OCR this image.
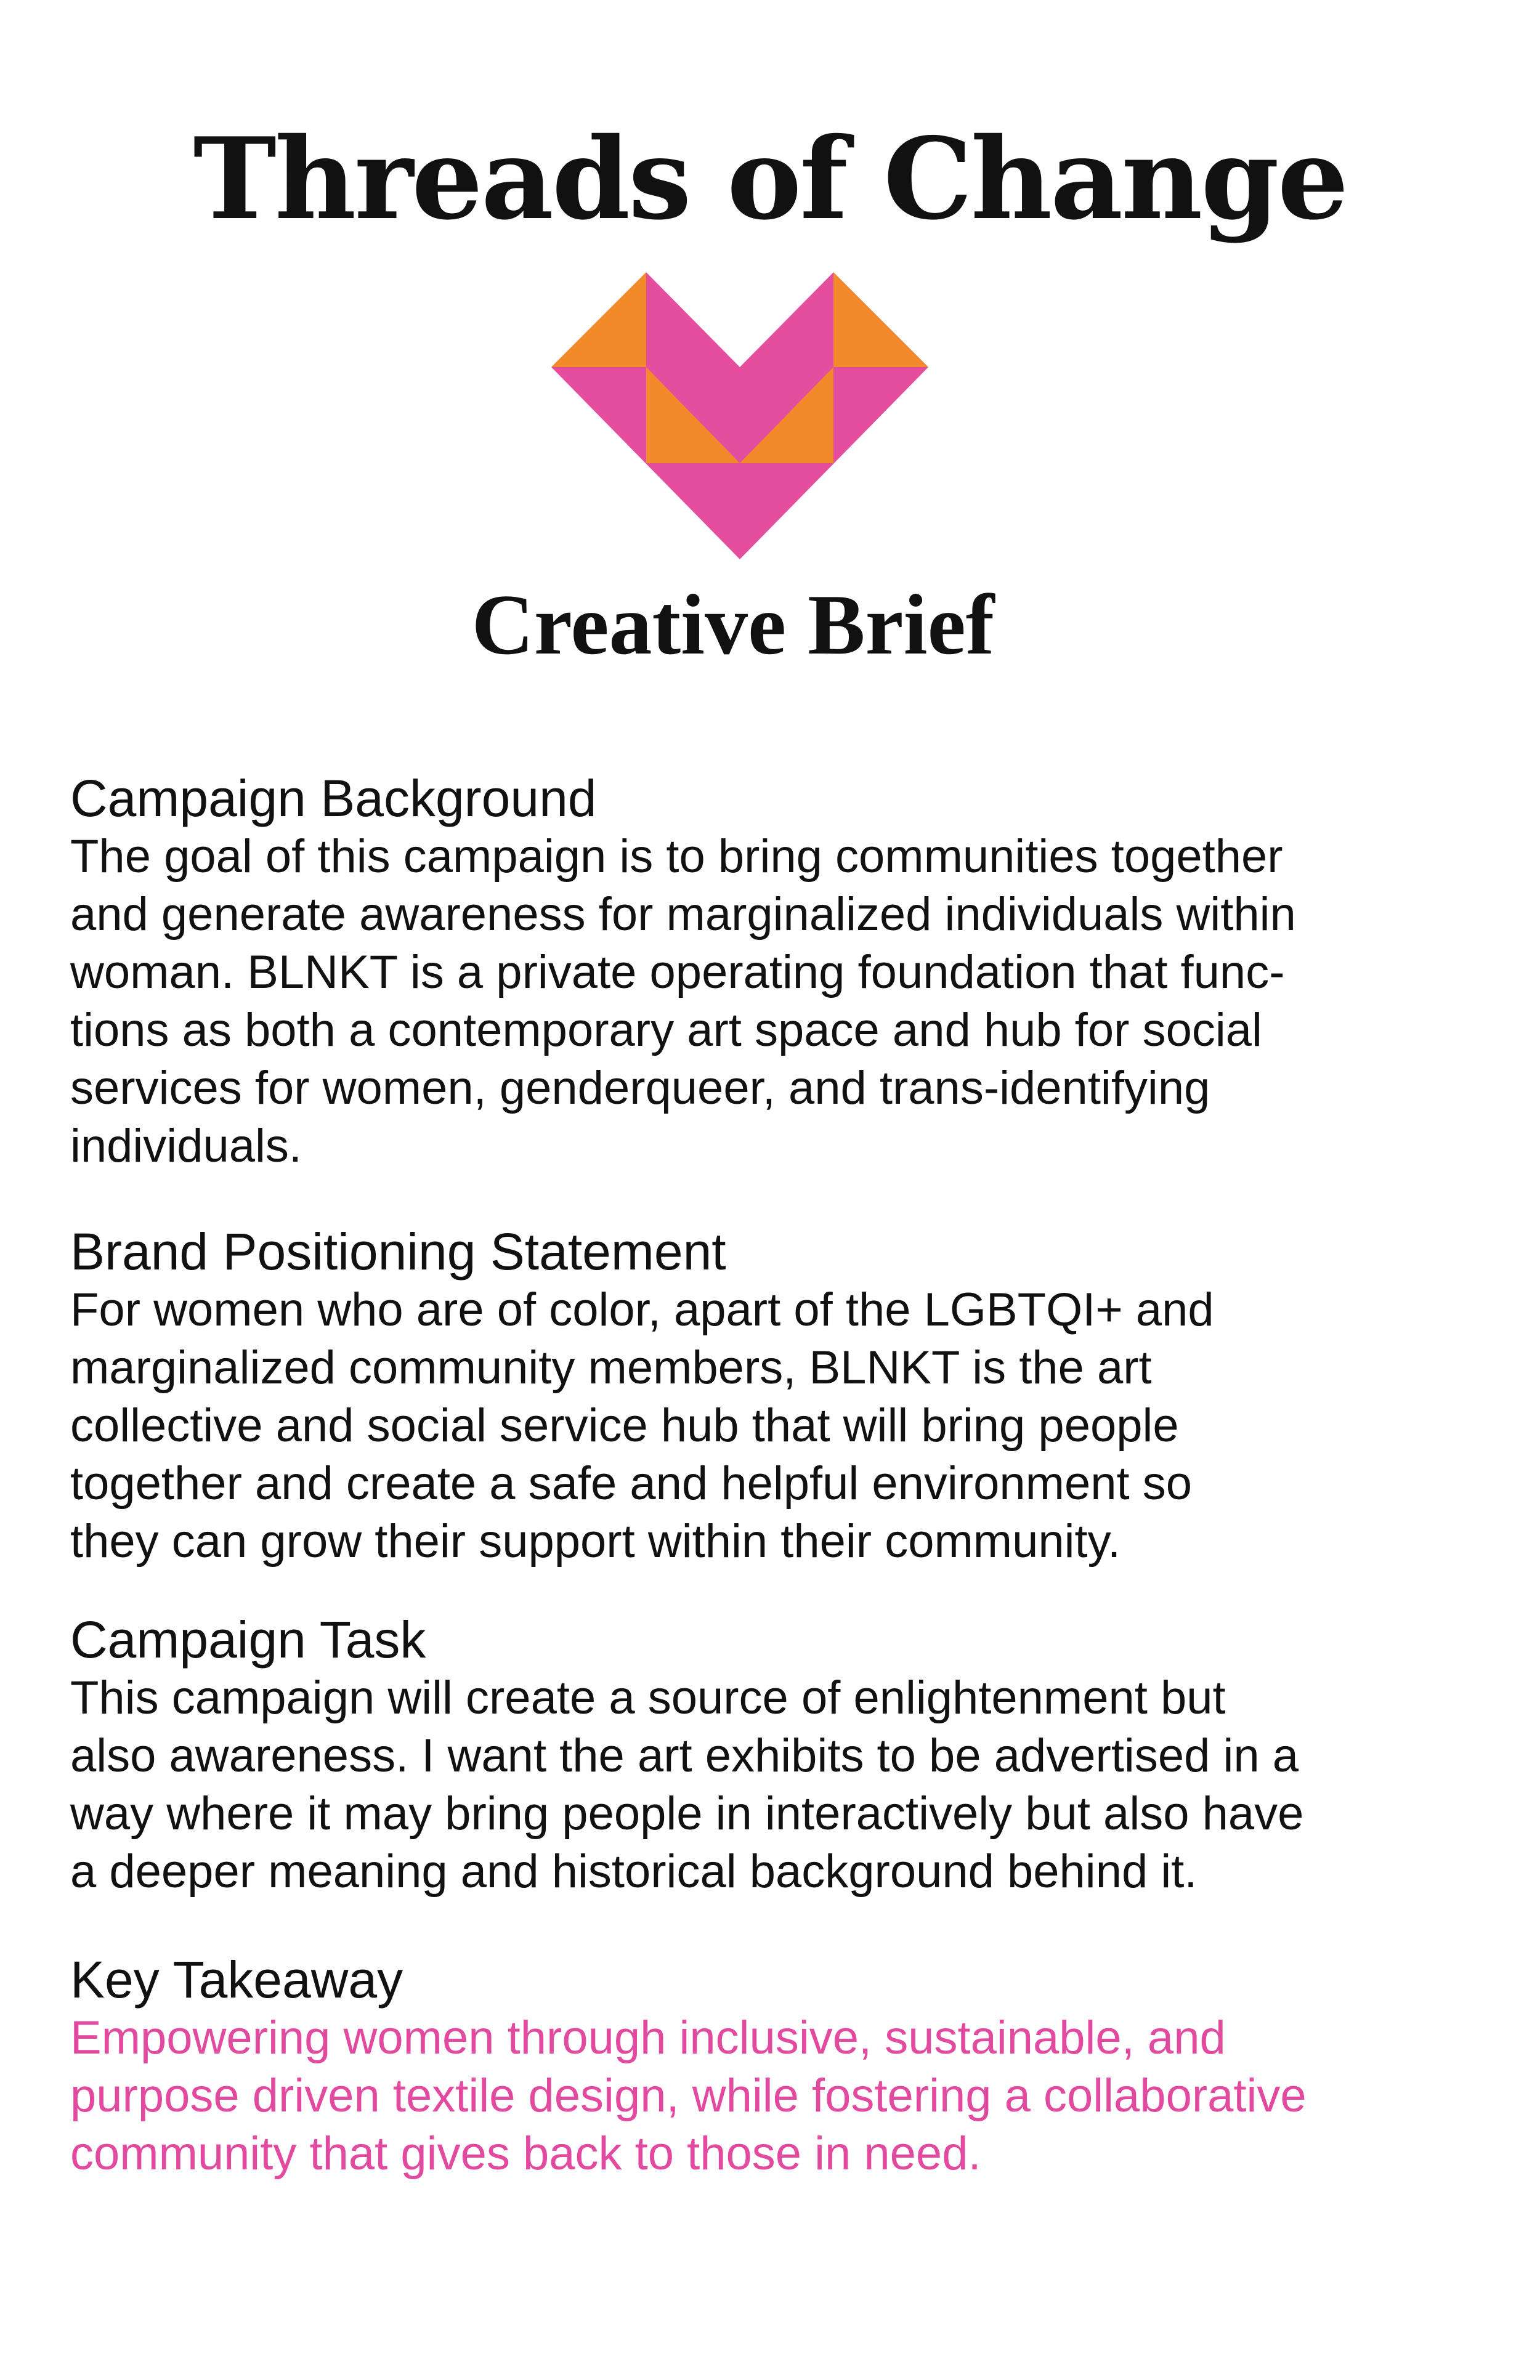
Threads of Change
Creative Brief
Campaign Background

The goal of this campaign is to bring communities together

and generate awareness for marginalized individuals within

woman. BLNKT is a private operating foundation that func-

tions as both a contemporary art space and hub for social

services for women, genderqueer, and trans-identifying

individuals.

Brand Positioning Statement

For women who are of color, apart of the LGBTQI+ and

marginalized community members, BLNKT is the art

collective and social service hub that will bring people

together and create a safe and helpful environment so

they can grow their support within their community.

Campaign Task

This campaign will create a source of enlightenment but

also awareness. I want the art exhibits to be advertised in a

way where it may bring people in interactively but also have

a deeper meaning and historical background behind it.

Key Takeaway

Empowering women through inclusive, sustainable, and

purpose driven textile design, while fostering a collaborative

community that gives back to those in need.
